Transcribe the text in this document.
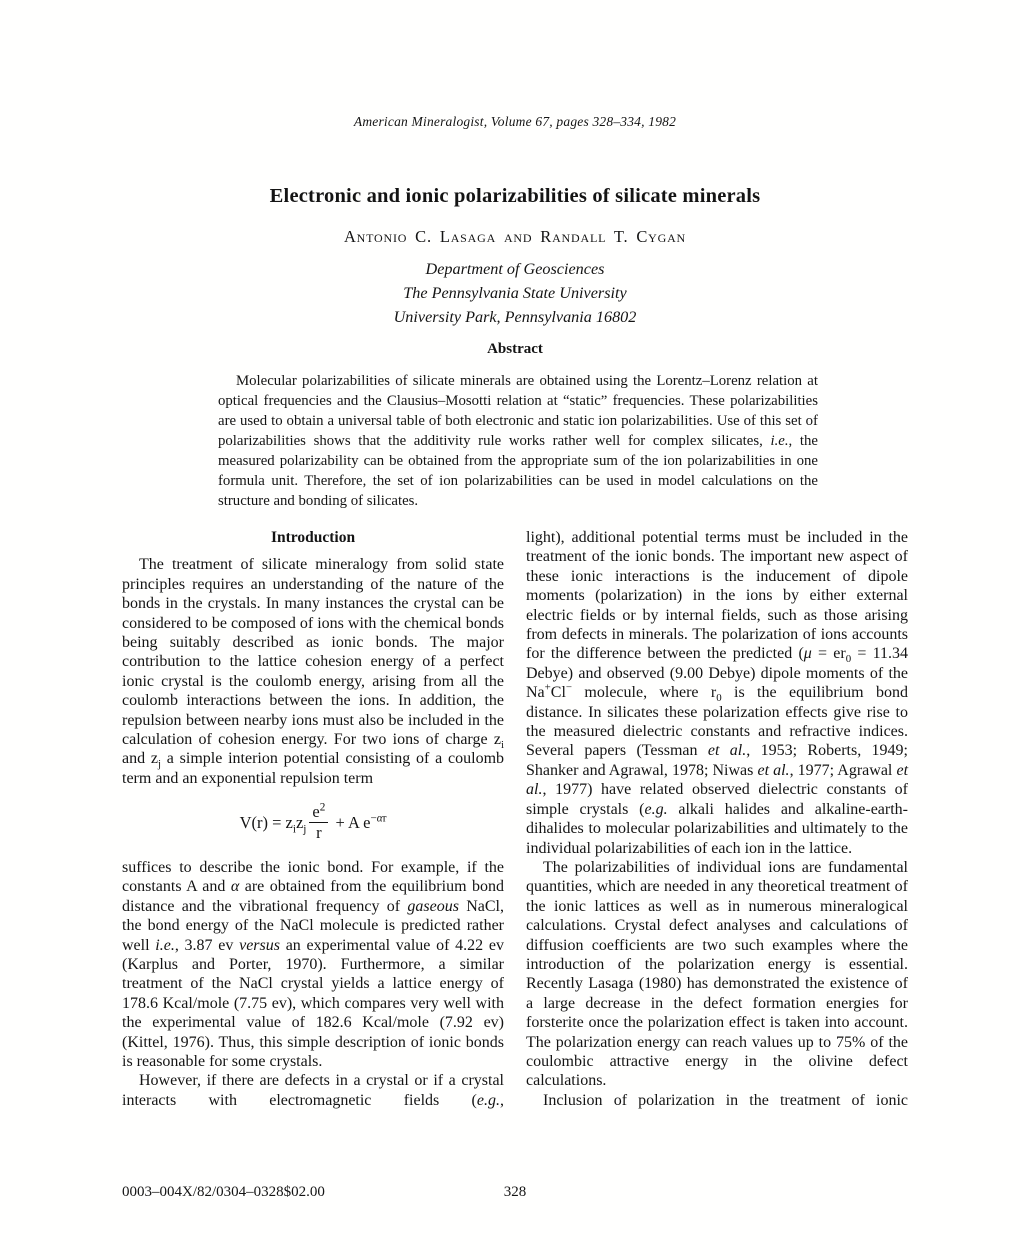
American Mineralogist, Volume 67, pages 328–334, 1982
Electronic and ionic polarizabilities of silicate minerals
Antonio C. Lasaga and Randall T. Cygan
Department of Geosciences
The Pennsylvania State University
University Park, Pennsylvania 16802
Abstract

Molecular polarizabilities of silicate minerals are obtained using the Lorentz–Lorenz relation at optical frequencies and the Clausius–Mosotti relation at “static” frequencies. These polarizabilities are used to obtain a universal table of both electronic and static ion polarizabilities. Use of this set of polarizabilities shows that the additivity rule works rather well for complex silicates, i.e., the measured polarizability can be obtained from the appropriate sum of the ion polarizabilities in one formula unit. Therefore, the set of ion polarizabilities can be used in model calculations on the structure and bonding of silicates.

Introduction

The treatment of silicate mineralogy from solid state principles requires an understanding of the nature of the bonds in the crystals. In many instances the crystal can be considered to be composed of ions with the chemical bonds being suitably described as ionic bonds. The major contribution to the lattice cohesion energy of a perfect ionic crystal is the coulomb energy, arising from all the coulomb interactions between the ions. In addition, the repulsion between nearby ions must also be included in the calculation of cohesion energy. For two ions of charge $z_i$ and $z_j$ a simple interion potential consisting of a coulomb term and an exponential repulsion term

$V(r) = z_iz_j \frac{e^2}{r} + A$ $e^{-\alpha r}$

suffices to describe the ionic bond. For example, if the constants A and α are obtained from the equilibrium bond distance and the vibrational frequency of gaseous NaCl, the bond energy of the NaCl molecule is predicted rather well i.e., 3.87 ev versus an experimental value of 4.22 ev (Karplus and Porter, 1970). Furthermore, a similar treatment of the NaCl crystal yields a lattice energy of 178.6 Kcal/mole (7.75 ev), which compares very well with the experimental value of 182.6 Kcal/mole (7.92 ev) (Kittel, 1976). Thus, this simple description of ionic bonds is reasonable for some crystals.

However, if there are defects in a crystal or if a crystal interacts with electromagnetic fields (e.g.,

light), additional potential terms must be included in the treatment of the ionic bonds. The important new aspect of these ionic interactions is the inducement of dipole moments (polarization) in the ions by either external electric fields or by internal fields, such as those arising from defects in minerals. The polarization of ions accounts for the difference between the predicted ($\mu = er_0 = 11.34$ Debye) and observed (9.00 Debye) dipole moments of the Na+Cl− molecule, where $r_0$ is the equilibrium bond distance. In silicates these polarization effects give rise to the measured dielectric constants and refractive indices. Several papers (Tessman et al., 1953; Roberts, 1949; Shanker and Agrawal, 1978; Niwas et al., 1977; Agrawal et al., 1977) have related observed dielectric constants of simple crystals (e.g. alkali halides and alkaline-earth-dihalides to molecular polarizabilities and ultimately to the individual polarizabilities of each ion in the lattice.

The polarizabilities of individual ions are fundamental quantities, which are needed in any theoretical treatment of the ionic lattices as well as in numerous mineralogical calculations. Crystal defect analyses and calculations of diffusion coefficients are two such examples where the introduction of the polarization energy is essential. Recently Lasaga (1980) has demonstrated the existence of a large decrease in the defect formation energies for forsterite once the polarization effect is taken into account. The polarization energy can reach values up to 75% of the coulombic attractive energy in the olivine defect calculations.

Inclusion of polarization in the treatment of ionic

0003–004X/82/0304–0328$02.00	328
